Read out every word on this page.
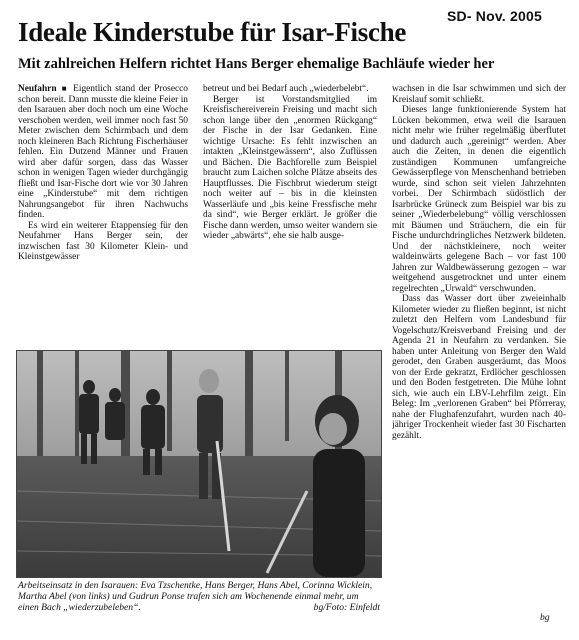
SD- Nov. 2005
Ideale Kinderstube für Isar-Fische
Mit zahlreichen Helfern richtet Hans Berger ehemalige Bachläufe wieder her

Neufahrn ■ Eigentlich stand der Prosecco schon bereit. Dann musste die kleine Feier in den Isarauen aber doch noch um eine Woche verschoben werden, weil immer noch fast 50 Meter zwischen dem Schirmbach und dem noch kleineren Bach Richtung Fischerhäuser fehlen. Ein Dutzend Männer und Frauen wird aber dafür sorgen, dass das Wasser schon in wenigen Tagen wieder durchgängig fließt und Isar-Fische dort wie vor 30 Jahren eine „Kinderstube“ mit dem richtigen Nahrungsangebot für ihren Nachwuchs finden.

Es wird ein weiterer Etappensieg für den Neufahrner Hans Berger sein, der inzwischen fast 30 Kilometer Klein- und Kleinstgewässer

betreut und bei Bedarf auch „wiederbelebt“.

Berger ist Vorstandsmitglied im Kreisfischereiverein Freising und macht sich schon lange über den „enormen Rückgang“ der Fische in der Isar Gedanken. Eine wichtige Ursache: Es fehlt inzwischen an intakten „Kleinstgewässern“, also Zuflüssen und Bächen. Die Bachforelle zum Beispiel braucht zum Laichen solche Plätze abseits des Hauptflusses. Die Fischbrut wiederum steigt noch weiter auf – bis in die kleinsten Wasserläufe und „bis keine Fressfische mehr da sind“, wie Berger erklärt. Je größer die Fische dann werden, umso weiter wandern sie wieder „abwärts“, ehe sie halb ausge-

wachsen in die Isar schwimmen und sich der Kreislauf somit schließt.

Dieses lange funktionierende System hat Lücken bekommen, etwa weil die Isarauen nicht mehr wie früher regelmäßig überflutet und dadurch auch „gereinigt“ werden. Aber auch die Zeiten, in denen die eigentlich zuständigen Kommunen umfangreiche Gewässerpflege von Menschenhand betrieben wurde, sind schon seit vielen Jahrzehnten vorbei. Der Schirmbach südöstlich der Isarbrücke Grüneck zum Beispiel war bis zu seiner „Wiederbelebung“ völlig verschlossen mit Bäumen und Sträuchern, die ein für Fische undurchdringliches Netzwerk bildeten. Und der nächstkleinere, noch weiter waldeinwärts gelegene Bach – vor fast 100 Jahren zur Waldbewässerung gezogen – war weitgehend ausgetrocknet und unter einem regelrechten „Urwald“ verschwunden.

Dass das Wasser dort über zweieinhalb Kilometer wieder zu fließen beginnt, ist nicht zuletzt den Helfern vom Landesbund für Vogelschutz/Kreisverband Freising und der Agenda 21 in Neufahrn zu verdanken. Sie haben unter Anleitung von Berger den Wald gerodet, den Graben ausgeräumt, das Moos von der Erde gekratzt, Erdlöcher geschlossen und den Boden festgetreten. Die Mühe lohnt sich, wie auch ein LBV-Lehrfilm zeigt. Ein Beleg: Im „verlorenen Graben“ bei Pförreraу, nahe der Flughafenzufahrt, wurden nach 40-jähriger Trockenheit wieder fast 30 Fischarten gezählt.

Arbeitseinsatz in den Isarauen: Eva Tzschentke, Hans Berger, Hans Abel, Corinna Wicklein, Martha Abel (von links) und Gudrun Ponse trafen sich am Wochenende einmal mehr, um einen Bach „wiederzubeleben“.	bg/Foto: Einfeldt
bg
